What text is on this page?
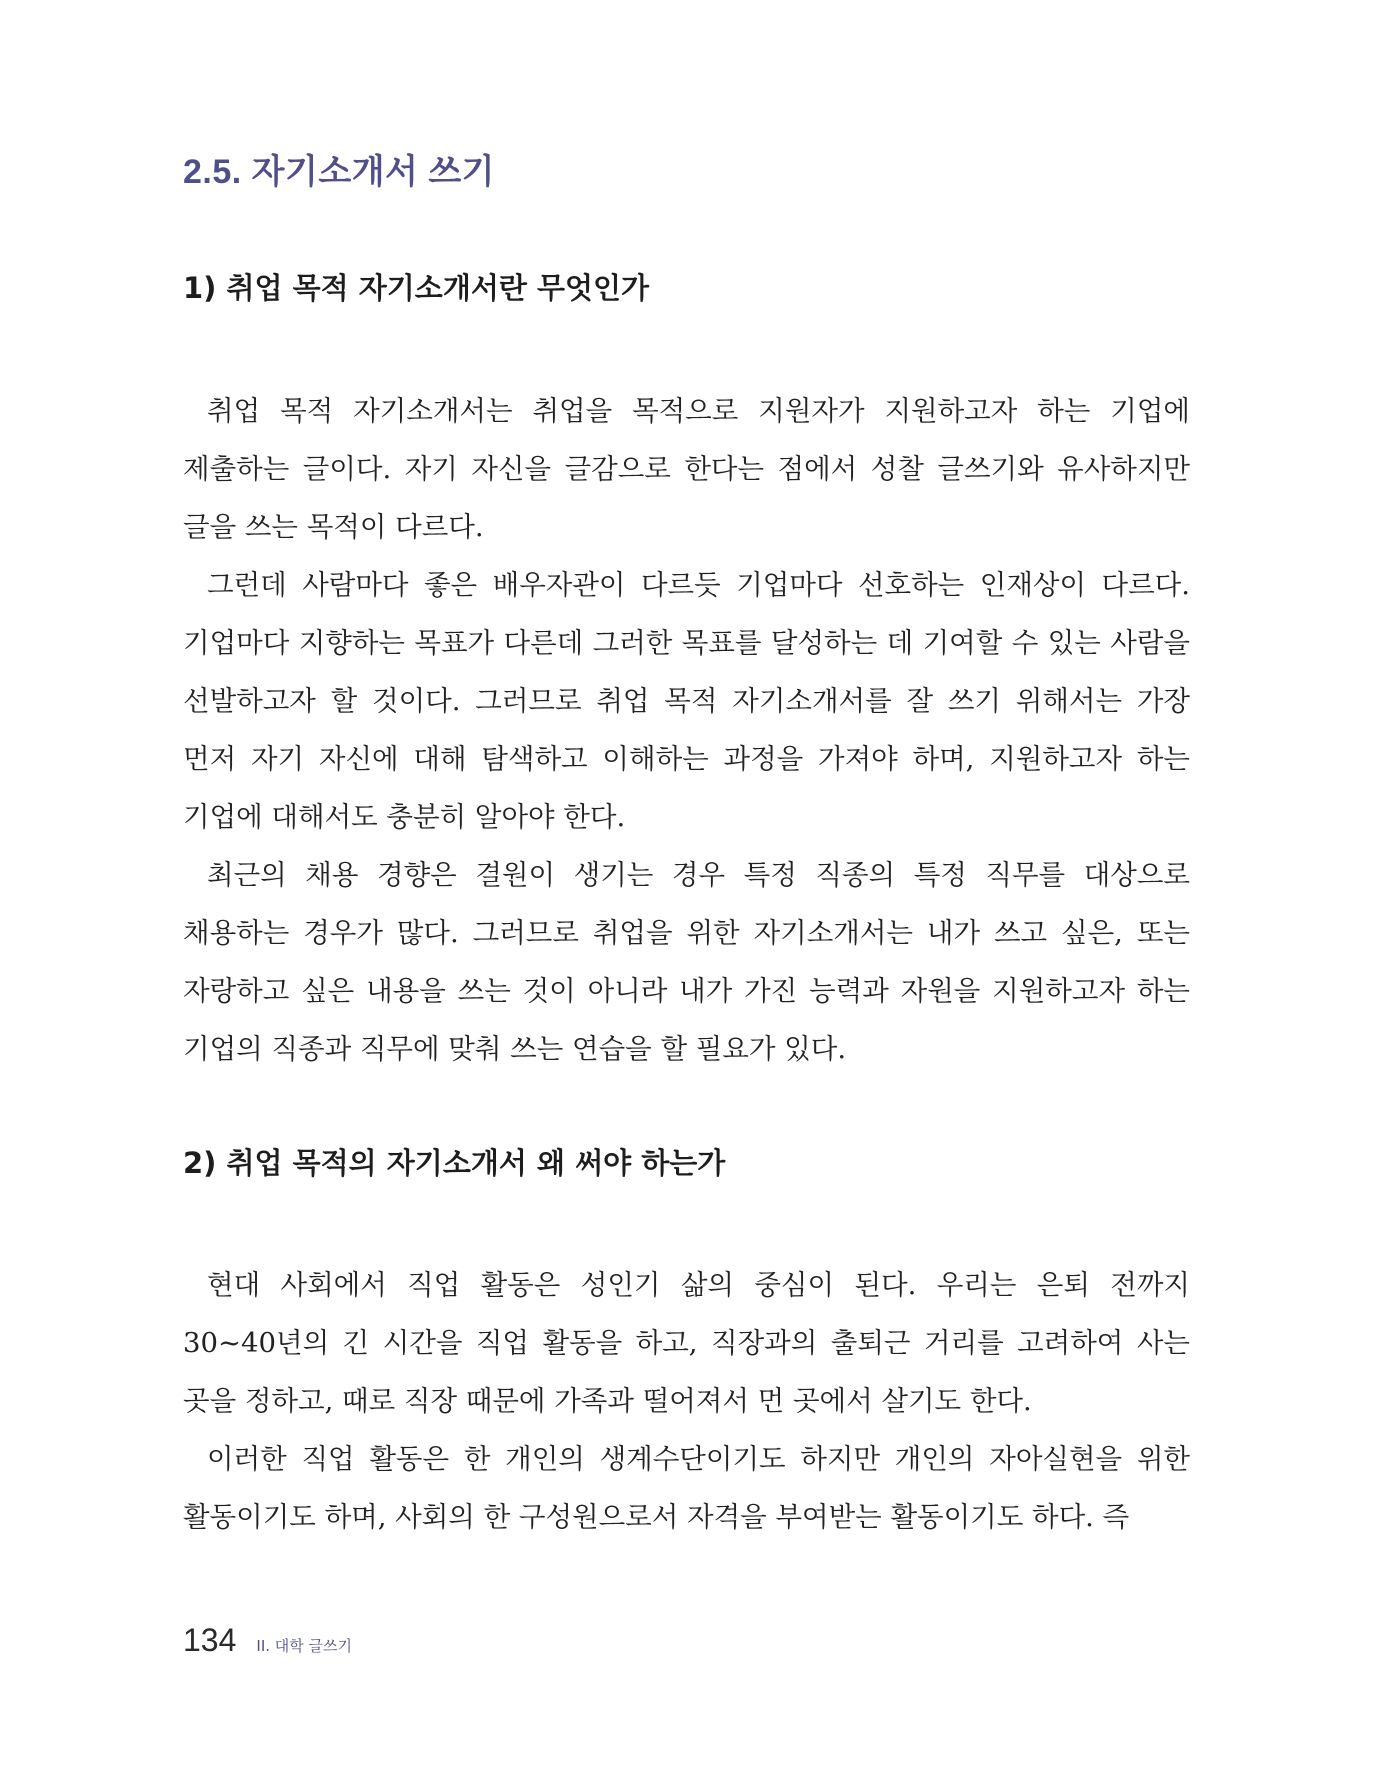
2.5. 자기소개서 쓰기
1) 취업 목적 자기소개서란 무엇인가

취업 목적 자기소개서는 취업을 목적으로 지원자가 지원하고자 하는 기업에 제출하는 글이다. 자기 자신을 글감으로 한다는 점에서 성찰 글쓰기와 유사하지만 글을 쓰는 목적이 다르다.

그런데 사람마다 좋은 배우자관이 다르듯 기업마다 선호하는 인재상이 다르다. 기업마다 지향하는 목표가 다른데 그러한 목표를 달성하는 데 기여할 수 있는 사람을 선발하고자 할 것이다. 그러므로 취업 목적 자기소개서를 잘 쓰기 위해서는 가장 먼저 자기 자신에 대해 탐색하고 이해하는 과정을 가져야 하며, 지원하고자 하는 기업에 대해서도 충분히 알아야 한다.

최근의 채용 경향은 결원이 생기는 경우 특정 직종의 특정 직무를 대상으로 채용하는 경우가 많다. 그러므로 취업을 위한 자기소개서는 내가 쓰고 싶은, 또는 자랑하고 싶은 내용을 쓰는 것이 아니라 내가 가진 능력과 자원을 지원하고자 하는 기업의 직종과 직무에 맞춰 쓰는 연습을 할 필요가 있다.

2) 취업 목적의 자기소개서 왜 써야 하는가

현대 사회에서 직업 활동은 성인기 삶의 중심이 된다. 우리는 은퇴 전까지 30~40년의 긴 시간을 직업 활동을 하고, 직장과의 출퇴근 거리를 고려하여 사는 곳을 정하고, 때로 직장 때문에 가족과 떨어져서 먼 곳에서 살기도 한다.

이러한 직업 활동은 한 개인의 생계수단이기도 하지만 개인의 자아실현을 위한 활동이기도 하며, 사회의 한 구성원으로서 자격을 부여받는 활동이기도 하다. 즉

134 II. 대학 글쓰기
